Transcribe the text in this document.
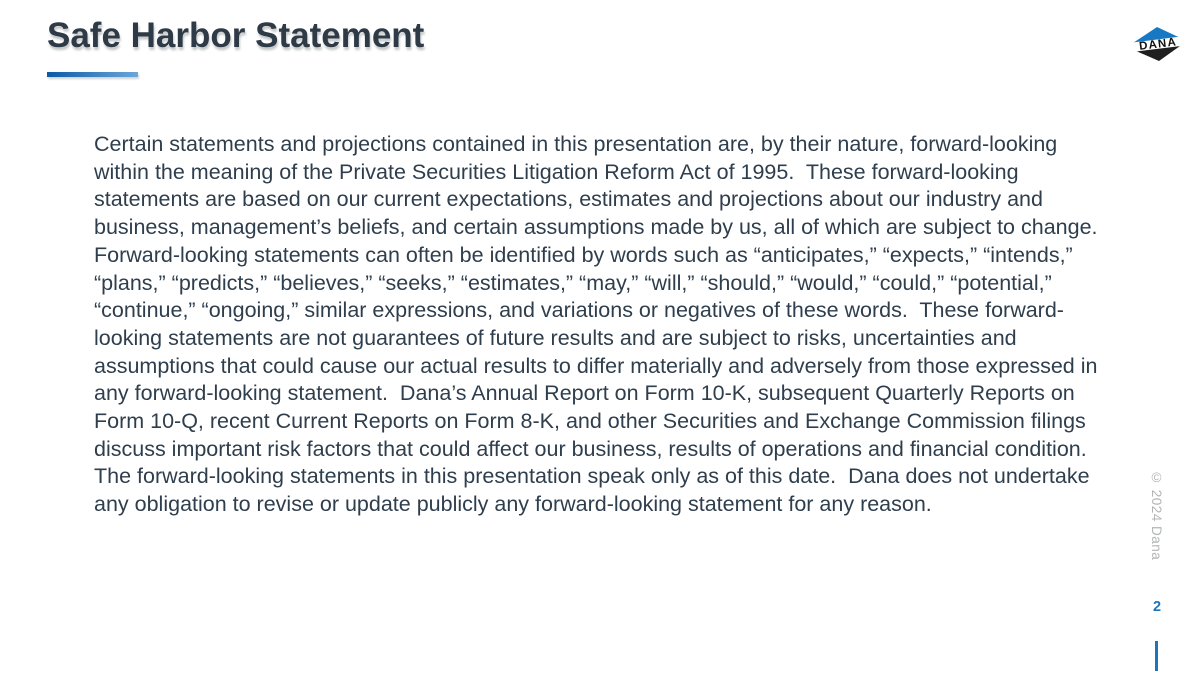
Safe Harbor Statement	DANA
Certain statements and projections contained in this presentation are, by their nature, forward-looking within the meaning of the Private Securities Litigation Reform Act of 1995.  These forward-looking statements are based on our current expectations, estimates and projections about our industry and business, management’s beliefs, and certain assumptions made by us, all of which are subject to change.  Forward-looking statements can often be identified by words such as “anticipates,” “expects,” “intends,” “plans,” “predicts,” “believes,” “seeks,” “estimates,” “may,” “will,” “should,” “would,” “could,” “potential,” “continue,” “ongoing,” similar expressions, and variations or negatives of these words.  These forward-looking statements are not guarantees of future results and are subject to risks, uncertainties and assumptions that could cause our actual results to differ materially and adversely from those expressed in any forward-looking statement.  Dana’s Annual Report on Form 10-K, subsequent Quarterly Reports on Form 10-Q, recent Current Reports on Form 8-K, and other Securities and Exchange Commission filings discuss important risk factors that could affect our business, results of operations and financial condition.  The forward-looking statements in this presentation speak only as of this date.  Dana does not undertake any obligation to revise or update publicly any forward-looking statement for any reason.	© 2024 Dana
2
